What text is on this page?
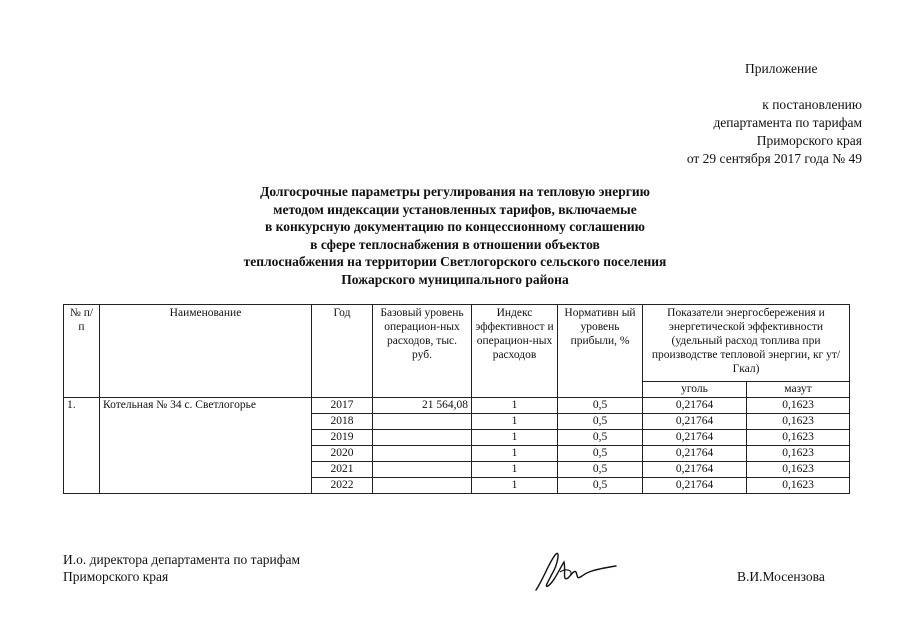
Приложение
к постановлению
департамента по тарифам
Приморского края
от 29 сентября 2017 года № 49
Долгосрочные параметры регулирования на тепловую энергию
методом индексации установленных тарифов, включаемые
в конкурсную документацию по концессионному соглашению
в сфере теплоснабжения в отношении объектов
теплоснабжения на территории Светлогорского сельского поселения
Пожарского муниципального района
№ п/п	Наименование	Год	Базовый уровень операцион-ных расходов, тыс. руб.	Индекс эффективност и операцион-ных расходов	Нормативн ый уровень прибыли, %	Показатели энергосбережения и энергетической эффективности (удельный расход топлива при производстве тепловой энергии, кг ут/Гкал)	
						уголь	мазут
1.	Котельная № 34 с. Светлогорье	2017	21 564,08	1	0,5	0,21764	0,1623
		2018		1	0,5	0,21764	0,1623
		2019		1	0,5	0,21764	0,1623
		2020		1	0,5	0,21764	0,1623
		2021		1	0,5	0,21764	0,1623
		2022		1	0,5	0,21764	0,1623
И.о. директора департамента по тарифам
Приморского края	В.И.Мосензова
